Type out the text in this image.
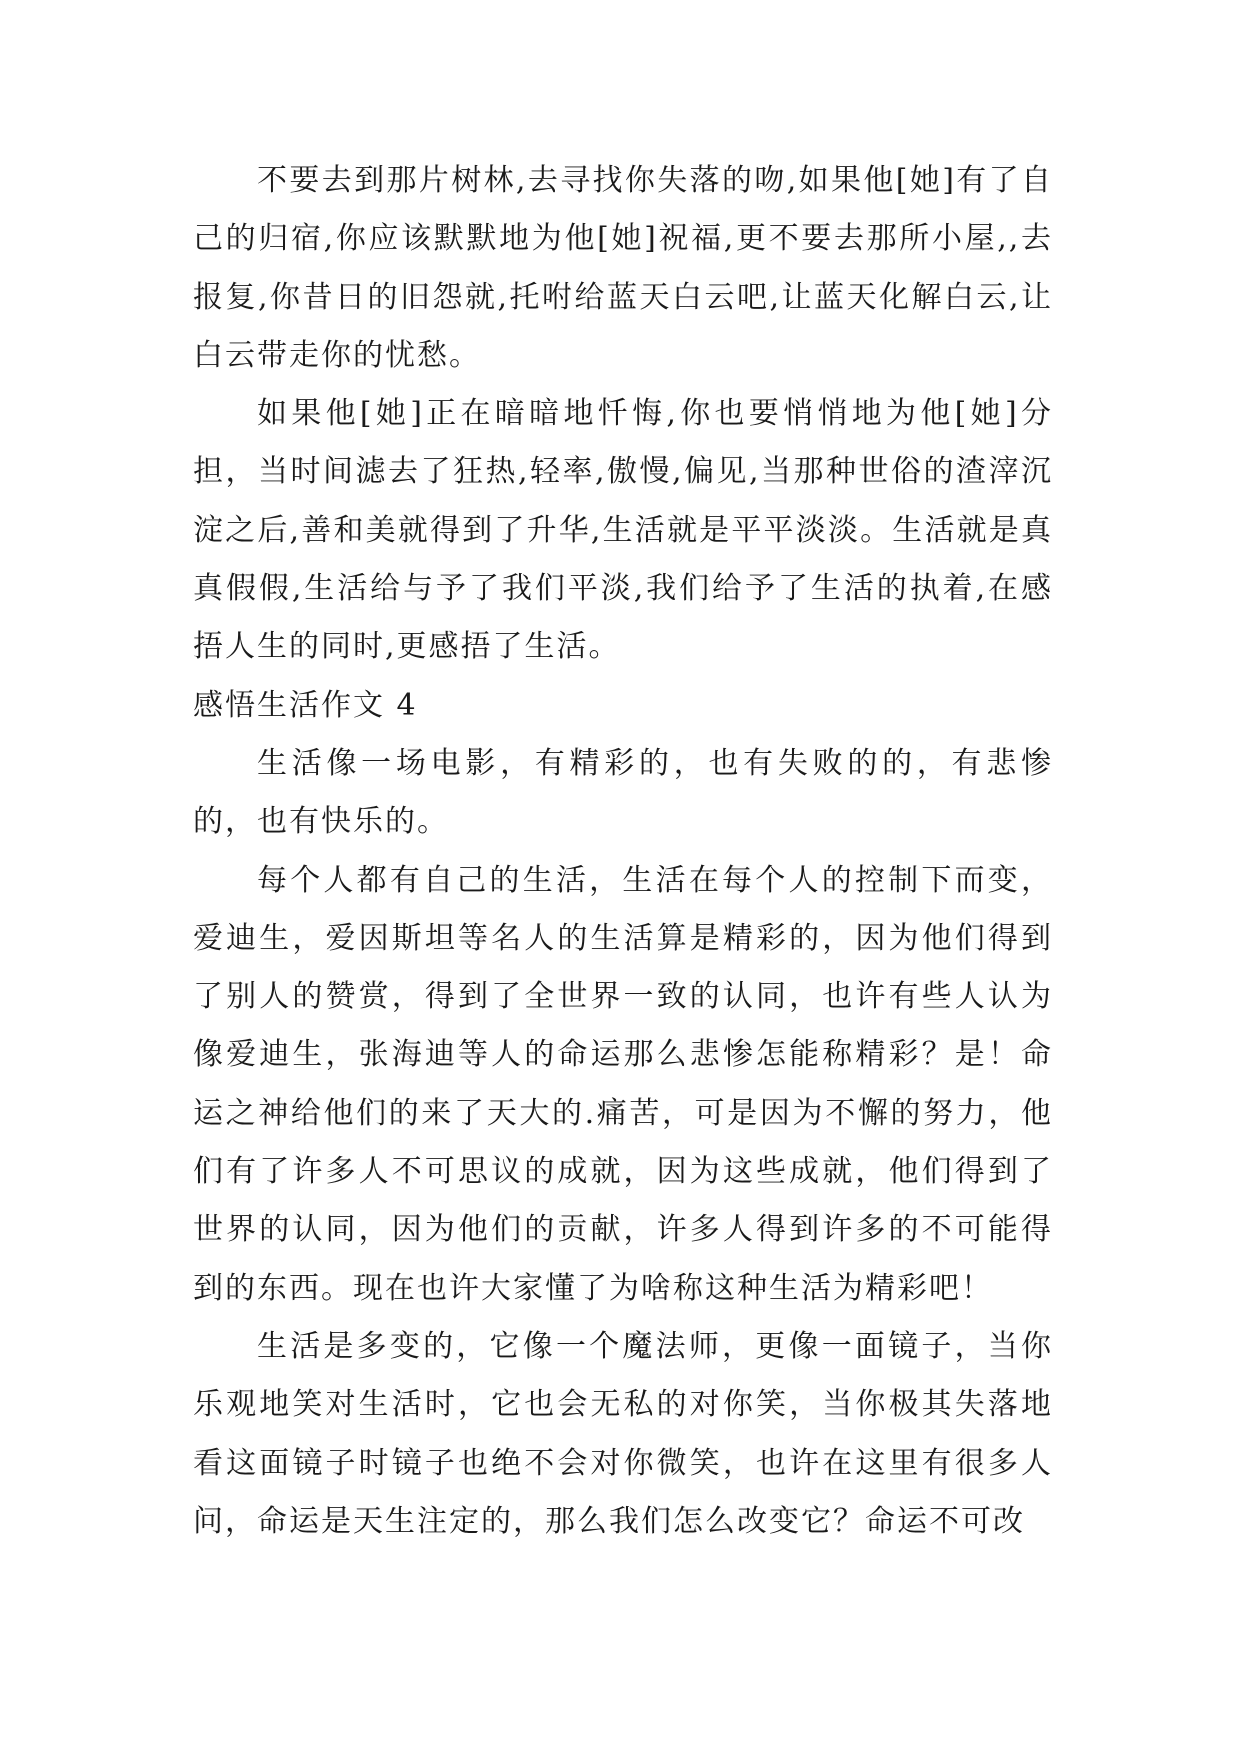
不要去到那片树林,去寻找你失落的吻,如果他[她]有了自己的归宿,你应该默默地为他[她]祝福,更不要去那所小屋,,去报复,你昔日的旧怨就,托咐给蓝天白云吧,让蓝天化解白云,让白云带走你的忧愁。

如果他[她]正在暗暗地忏悔,你也要悄悄地为他[她]分担，当时间滤去了狂热,轻率,傲慢,偏见,当那种世俗的渣滓沉淀之后,善和美就得到了升华,生活就是平平淡淡。生活就是真真假假,生活给与予了我们平淡,我们给予了生活的执着,在感捂人生的同时,更感捂了生活。

感悟生活作文 4

生活像一场电影，有精彩的，也有失败的的，有悲惨的，也有快乐的。

每个人都有自己的生活，生活在每个人的控制下而变，爱迪生，爱因斯坦等名人的生活算是精彩的，因为他们得到了别人的赞赏，得到了全世界一致的认同，也许有些人认为像爱迪生，张海迪等人的命运那么悲惨怎能称精彩？是！命运之神给他们的来了天大的.痛苦，可是因为不懈的努力，他们有了许多人不可思议的成就，因为这些成就，他们得到了世界的认同，因为他们的贡献，许多人得到许多的不可能得到的东西。现在也许大家懂了为啥称这种生活为精彩吧！

生活是多变的，它像一个魔法师，更像一面镜子，当你乐观地笑对生活时，它也会无私的对你笑，当你极其失落地看这面镜子时镜子也绝不会对你微笑，也许在这里有很多人问，命运是天生注定的，那么我们怎么改变它？命运不可改
